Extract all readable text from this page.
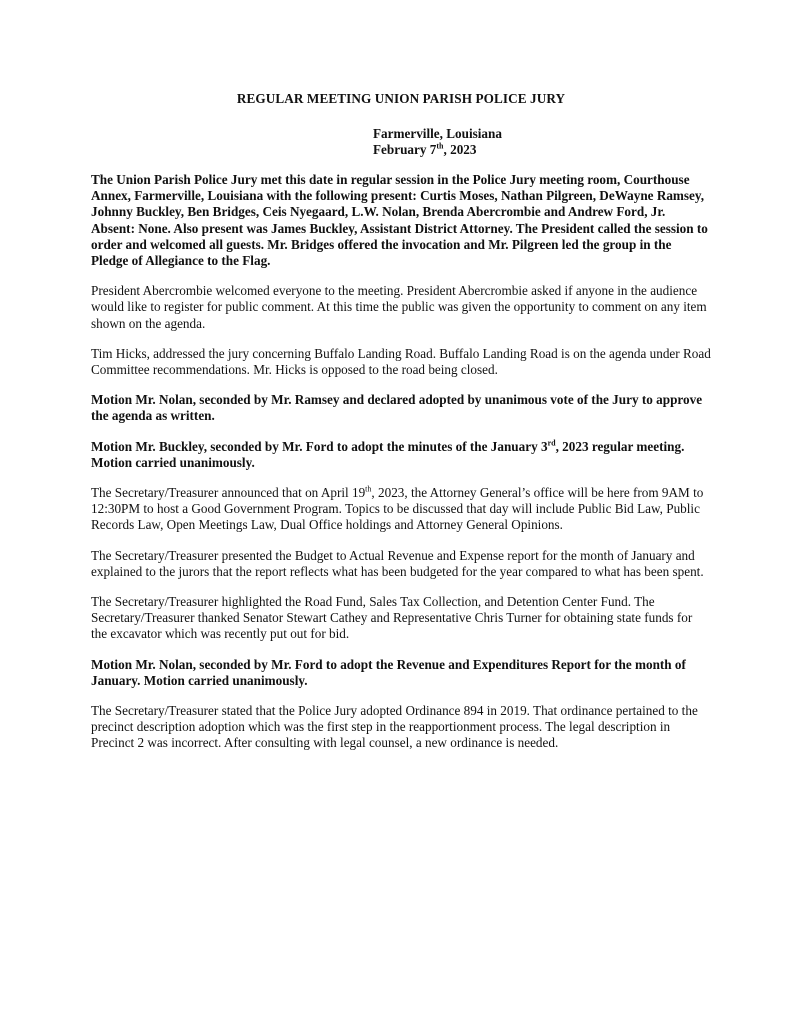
REGULAR MEETING UNION PARISH POLICE JURY
Farmerville, Louisiana
February 7th, 2023

The Union Parish Police Jury met this date in regular session in the Police Jury meeting room, Courthouse Annex, Farmerville, Louisiana with the following present: Curtis Moses, Nathan Pilgreen, DeWayne Ramsey, Johnny Buckley, Ben Bridges, Ceis Nyegaard, L.W. Nolan, Brenda Abercrombie and Andrew Ford, Jr. Absent: None. Also present was James Buckley, Assistant District Attorney. The President called the session to order and welcomed all guests. Mr. Bridges offered the invocation and Mr. Pilgreen led the group in the Pledge of Allegiance to the Flag.

President Abercrombie welcomed everyone to the meeting. President Abercrombie asked if anyone in the audience would like to register for public comment. At this time the public was given the opportunity to comment on any item shown on the agenda.

Tim Hicks, addressed the jury concerning Buffalo Landing Road. Buffalo Landing Road is on the agenda under Road Committee recommendations. Mr. Hicks is opposed to the road being closed.

Motion Mr. Nolan, seconded by Mr. Ramsey and declared adopted by unanimous vote of the Jury to approve the agenda as written.

Motion Mr. Buckley, seconded by Mr. Ford to adopt the minutes of the January 3rd, 2023 regular meeting. Motion carried unanimously.

The Secretary/Treasurer announced that on April 19th, 2023, the Attorney General’s office will be here from 9AM to 12:30PM to host a Good Government Program. Topics to be discussed that day will include Public Bid Law, Public Records Law, Open Meetings Law, Dual Office holdings and Attorney General Opinions.

The Secretary/Treasurer presented the Budget to Actual Revenue and Expense report for the month of January and explained to the jurors that the report reflects what has been budgeted for the year compared to what has been spent.

The Secretary/Treasurer highlighted the Road Fund, Sales Tax Collection, and Detention Center Fund. The Secretary/Treasurer thanked Senator Stewart Cathey and Representative Chris Turner for obtaining state funds for the excavator which was recently put out for bid.

Motion Mr. Nolan, seconded by Mr. Ford to adopt the Revenue and Expenditures Report for the month of January. Motion carried unanimously.

The Secretary/Treasurer stated that the Police Jury adopted Ordinance 894 in 2019. That ordinance pertained to the precinct description adoption which was the first step in the reapportionment process. The legal description in Precinct 2 was incorrect. After consulting with legal counsel, a new ordinance is needed.
